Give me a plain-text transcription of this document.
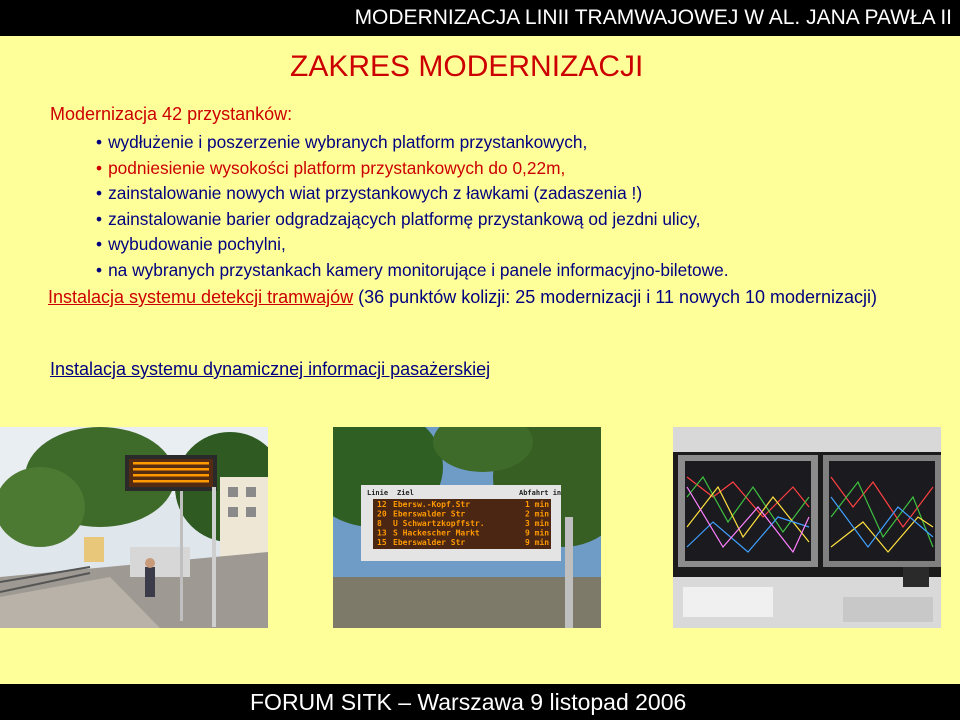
MODERNIZACJA LINII TRAMWAJOWEJ W AL. JANA PAWŁA II
ZAKRES MODERNIZACJI
Modernizacja 42 przystanków:
• wydłużenie i poszerzenie wybranych platform przystankowych,
• podniesienie wysokości platform przystankowych do 0,22m,
• zainstalowanie nowych wiat przystankowych z ławkami (zadaszenia !)
• zainstalowanie barier odgradzających platformę przystankową od jezdni ulicy,
• wybudowanie pochylni,
• na wybranych przystankach kamery monitorujące i panele informacyjno-biletowe.
Instalacja systemu detekcji tramwajów (36 punktów kolizji: 25 modernizacji i 11 nowych 10 modernizacji)
Instalacja systemu dynamicznej informacji pasażerskiej
Linie Ziel	Abfahrt in
12 Ebersw.-Kopf.Str	1 min
20 Eberswalder Str	2 min
8 U Schwartzkopffstr.	3 min
13 S Hackescher Markt	9 min
15 Eberswalder Str	9 min
FORUM SITK – Warszawa 9 listopad 2006
